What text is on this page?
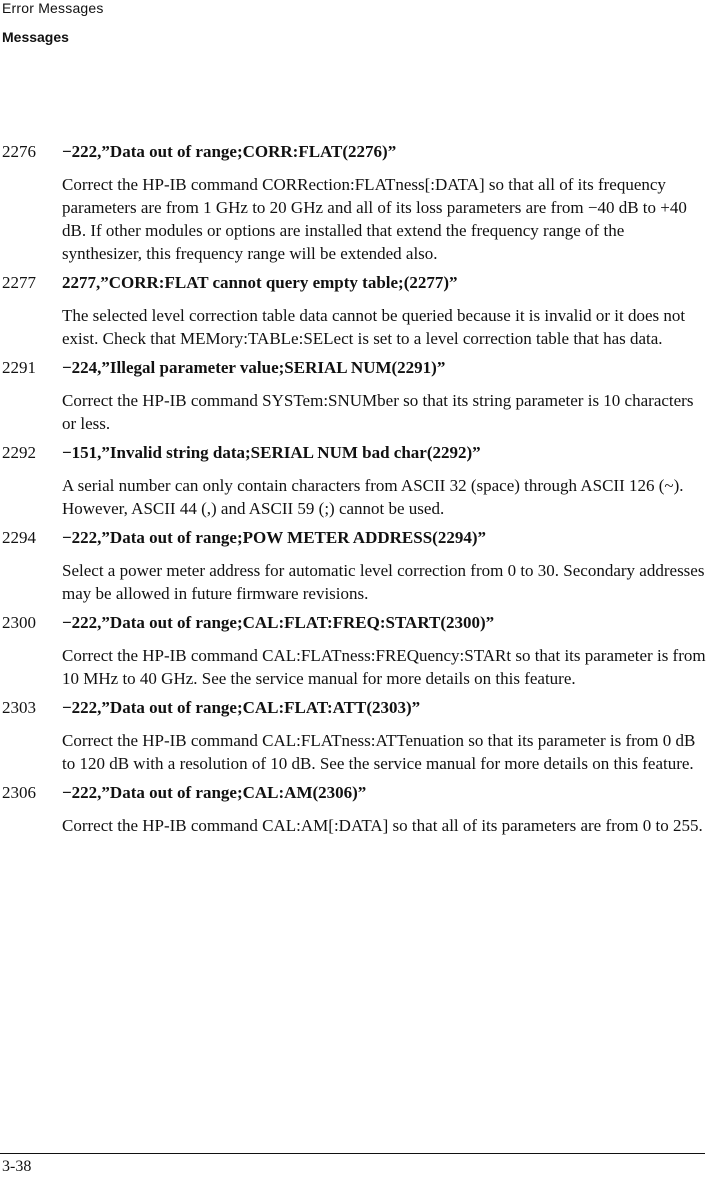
Error Messages
Messages
2276 −222,”Data out of range;CORR:FLAT(2276)”
Correct the HP-IB command CORRection:FLATness[:DATA] so that all of its frequency parameters are from 1 GHz to 20 GHz and all of its loss parameters are from −40 dB to +40 dB. If other modules or options are installed that extend the frequency range of the synthesizer, this frequency range will be extended also.
2277 2277,”CORR:FLAT cannot query empty table;(2277)”
The selected level correction table data cannot be queried because it is invalid or it does not exist. Check that MEMory:TABLe:SELect is set to a level correction table that has data.
2291 −224,”Illegal parameter value;SERIAL NUM(2291)”
Correct the HP-IB command SYSTem:SNUMber so that its string parameter is 10 characters or less.
2292 −151,”Invalid string data;SERIAL NUM bad char(2292)”
A serial number can only contain characters from ASCII 32 (space) through ASCII 126 (~). However, ASCII 44 (,) and ASCII 59 (;) cannot be used.
2294 −222,”Data out of range;POW METER ADDRESS(2294)”
Select a power meter address for automatic level correction from 0 to 30. Secondary addresses may be allowed in future firmware revisions.
2300 −222,”Data out of range;CAL:FLAT:FREQ:START(2300)”
Correct the HP-IB command CAL:FLATness:FREQuency:STARt so that its parameter is from 10 MHz to 40 GHz. See the service manual for more details on this feature.
2303 −222,”Data out of range;CAL:FLAT:ATT(2303)”
Correct the HP-IB command CAL:FLATness:ATTenuation so that its parameter is from 0 dB to 120 dB with a resolution of 10 dB. See the service manual for more details on this feature.
2306 −222,”Data out of range;CAL:AM(2306)”
Correct the HP-IB command CAL:AM[:DATA] so that all of its parameters are from 0 to 255.
3-38
